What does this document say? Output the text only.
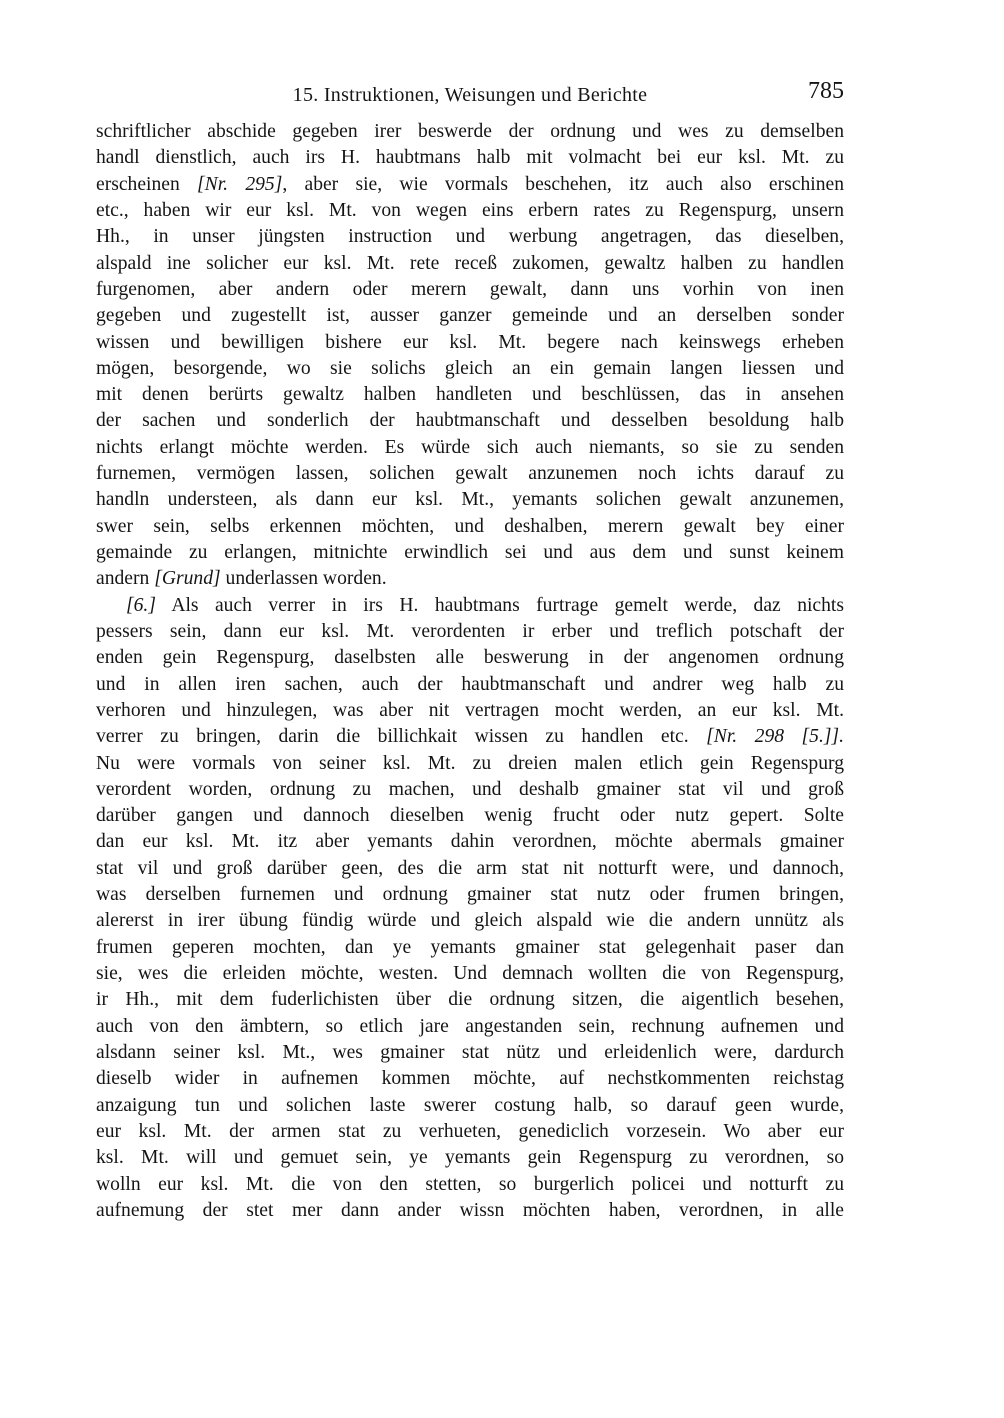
15. Instruktionen, Weisungen und Berichte	785
schriftlicher abschide gegeben irer beswerde der ordnung und wes zu demselben
handl dienstlich, auch irs H. haubtmans halb mit volmacht bei eur ksl. Mt. zu
erscheinen [Nr. 295], aber sie, wie vormals beschehen, itz auch also erschinen
etc., haben wir eur ksl. Mt. von wegen eins erbern rates zu Regenspurg, unsern
Hh., in unser jüngsten instruction und werbung angetragen, das dieselben,
alspald ine solicher eur ksl. Mt. rete receß zukomen, gewaltz halben zu handlen
furgenomen, aber andern oder merern gewalt, dann uns vorhin von inen
gegeben und zugestellt ist, ausser ganzer gemeinde und an derselben sonder
wissen und bewilligen bishere eur ksl. Mt. begere nach keinswegs erheben
mögen, besorgende, wo sie solichs gleich an ein gemain langen liessen und
mit denen berürts gewaltz halben handleten und beschlüssen, das in ansehen
der sachen und sonderlich der haubtmanschaft und desselben besoldung halb
nichts erlangt möchte werden. Es würde sich auch niemants, so sie zu senden
furnemen, vermögen lassen, solichen gewalt anzunemen noch ichts darauf zu
handln understeen, als dann eur ksl. Mt., yemants solichen gewalt anzunemen,
swer sein, selbs erkennen möchten, und deshalben, merern gewalt bey einer
gemainde zu erlangen, mitnichte erwindlich sei und aus dem und sunst keinem
andern [Grund] underlassen worden.
[6.] Als auch verrer in irs H. haubtmans furtrage gemelt werde, daz nichts
pessers sein, dann eur ksl. Mt. verordenten ir erber und treflich potschaft der
enden gein Regenspurg, daselbsten alle beswerung in der angenomen ordnung
und in allen iren sachen, auch der haubtmanschaft und andrer weg halb zu
verhoren und hinzulegen, was aber nit vertragen mocht werden, an eur ksl. Mt.
verrer zu bringen, darin die billichkait wissen zu handlen etc. [Nr. 298 [5.]].
Nu were vormals von seiner ksl. Mt. zu dreien malen etlich gein Regenspurg
verordent worden, ordnung zu machen, und deshalb gmainer stat vil und groß
darüber gangen und dannoch dieselben wenig frucht oder nutz gepert. Solte
dan eur ksl. Mt. itz aber yemants dahin verordnen, möchte abermals gmainer
stat vil und groß darüber geen, des die arm stat nit notturft were, und dannoch,
was derselben furnemen und ordnung gmainer stat nutz oder frumen bringen,
alererst in irer übung fündig würde und gleich alspald wie die andern unnütz als
frumen geperen mochten, dan ye yemants gmainer stat gelegenhait paser dan
sie, wes die erleiden möchte, westen. Und demnach wollten die von Regenspurg,
ir Hh., mit dem fuderlichisten über die ordnung sitzen, die aigentlich besehen,
auch von den ämbtern, so etlich jare angestanden sein, rechnung aufnemen und
alsdann seiner ksl. Mt., wes gmainer stat nütz und erleidenlich were, dardurch
dieselb wider in aufnemen kommen möchte, auf nechstkommenten reichstag
anzaigung tun und solichen laste swerer costung halb, so darauf geen wurde,
eur ksl. Mt. der armen stat zu verhueten, genediclich vorzesein. Wo aber eur
ksl. Mt. will und gemuet sein, ye yemants gein Regenspurg zu verordnen, so
wolln eur ksl. Mt. die von den stetten, so burgerlich policei und notturft zu
aufnemung der stet mer dann ander wissn möchten haben, verordnen, in alle
